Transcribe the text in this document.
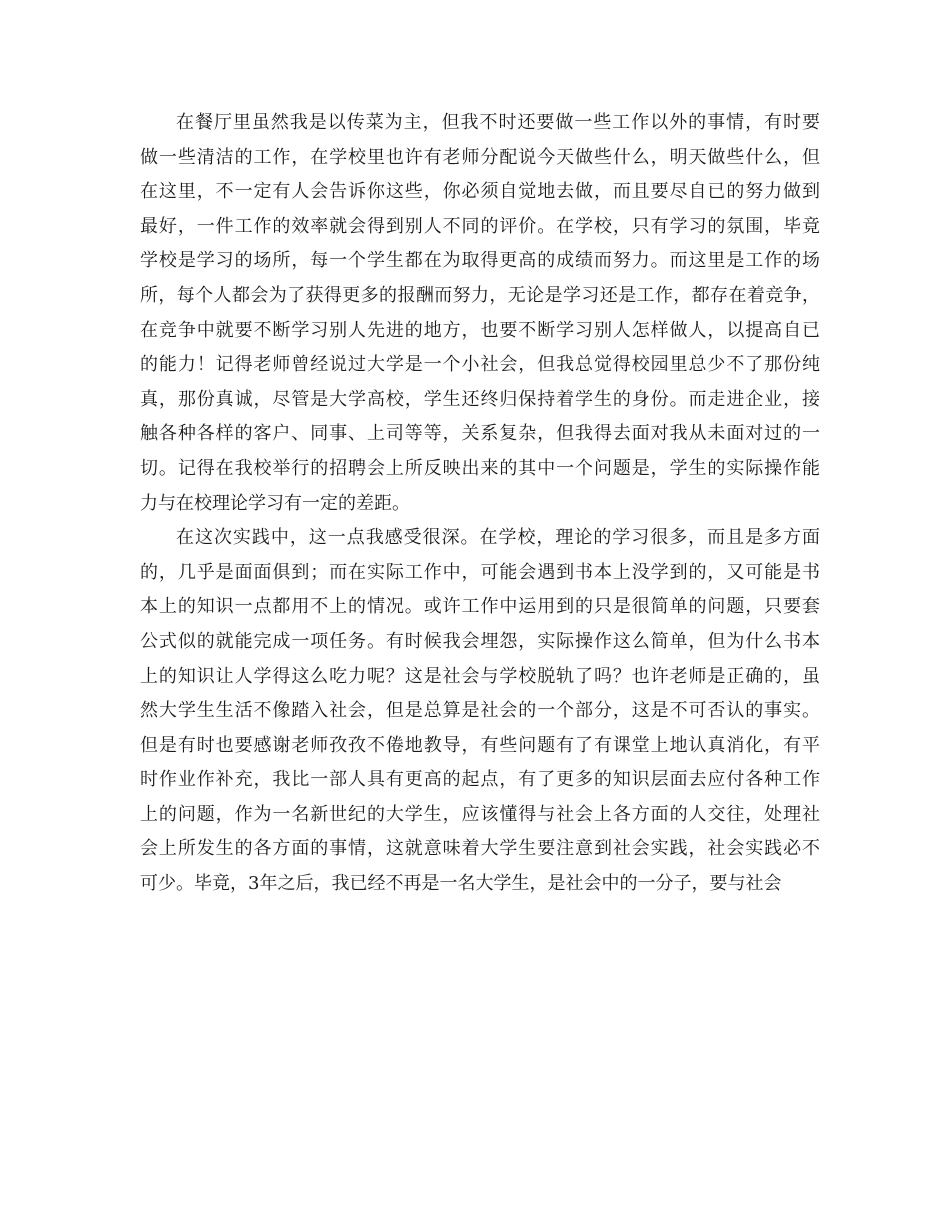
在餐厅里虽然我是以传菜为主，但我不时还要做一些工作以外的事情，有时要
做一些清洁的工作，在学校里也许有老师分配说今天做些什么，明天做些什么，但
在这里，不一定有人会告诉你这些，你必须自觉地去做，而且要尽自已的努力做到
最好，一件工作的效率就会得到别人不同的评价。在学校，只有学习的氛围，毕竟
学校是学习的场所，每一个学生都在为取得更高的成绩而努力。而这里是工作的场
所，每个人都会为了获得更多的报酬而努力，无论是学习还是工作，都存在着竞争，
在竞争中就要不断学习别人先进的地方，也要不断学习别人怎样做人，以提高自已
的能力！记得老师曾经说过大学是一个小社会，但我总觉得校园里总少不了那份纯
真，那份真诚，尽管是大学高校，学生还终归保持着学生的身份。而走进企业，接
触各种各样的客户、同事、上司等等，关系复杂，但我得去面对我从未面对过的一
切。记得在我校举行的招聘会上所反映出来的其中一个问题是，学生的实际操作能
力与在校理论学习有一定的差距。
在这次实践中，这一点我感受很深。在学校，理论的学习很多，而且是多方面
的，几乎是面面俱到；而在实际工作中，可能会遇到书本上没学到的，又可能是书
本上的知识一点都用不上的情况。或许工作中运用到的只是很简单的问题，只要套
公式似的就能完成一项任务。有时候我会埋怨，实际操作这么简单，但为什么书本
上的知识让人学得这么吃力呢？这是社会与学校脱轨了吗？也许老师是正确的，虽
然大学生生活不像踏入社会，但是总算是社会的一个部分，这是不可否认的事实。
但是有时也要感谢老师孜孜不倦地教导，有些问题有了有课堂上地认真消化，有平
时作业作补充，我比一部人具有更高的起点，有了更多的知识层面去应付各种工作
上的问题，作为一名新世纪的大学生，应该懂得与社会上各方面的人交往，处理社
会上所发生的各方面的事情，这就意味着大学生要注意到社会实践，社会实践必不
可少。毕竟，3年之后，我已经不再是一名大学生，是社会中的一分子，要与社会
